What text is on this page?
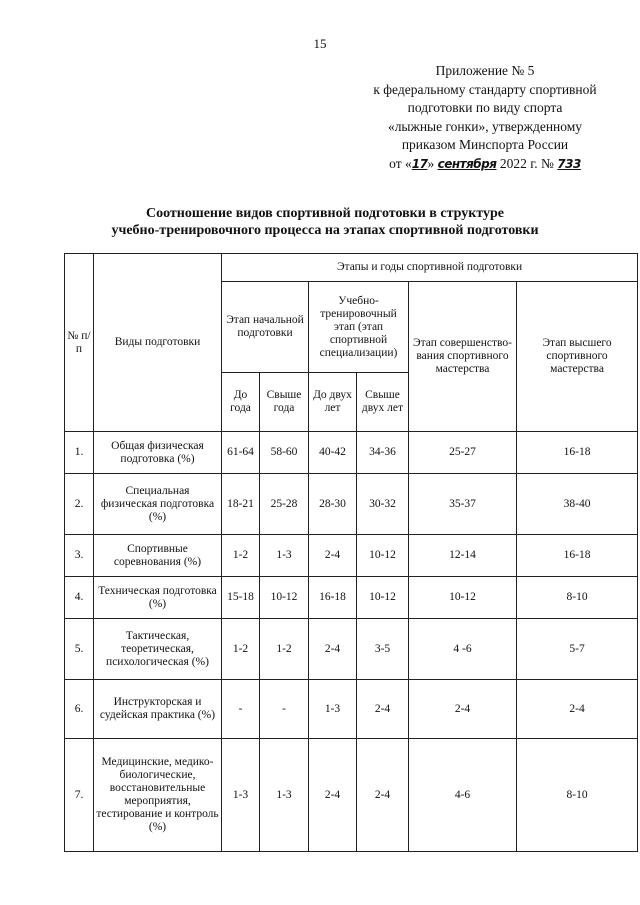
15
Приложение № 5
к федеральному стандарту спортивной
подготовки по виду спорта
«лыжные гонки», утвержденному
приказом Минспорта России
от «17» сентября 2022 г. № 733
Соотношение видов спортивной подготовки в структуре
учебно-тренировочного процесса на этапах спортивной подготовки
№ п/п	Виды подготовки	Этапы и годы спортивной подготовки					
		Этап начальной подготовки		Учебно-тренировочный этап (этап спортивной специализации)		Этап совершенство-вания спортивного мастерства	Этап высшего спортивного мастерства
		До года	Свыше года	До двух лет	Свыше двух лет		
1.	Общая физическая подготовка (%)	61-64	58-60	40-42	34-36	25-27	16-18
2.	Специальная физическая подготовка (%)	18-21	25-28	28-30	30-32	35-37	38-40
3.	Спортивные соревнования (%)	1-2	1-3	2-4	10-12	12-14	16-18
4.	Техническая подготовка (%)	15-18	10-12	16-18	10-12	10-12	8-10
5.	Тактическая, теоретическая, психологическая (%)	1-2	1-2	2-4	3-5	4 -6	5-7
6.	Инструкторская и судейская практика (%)	-	-	1-3	2-4	2-4	2-4
7.	Медицинские, медико-биологические, восстановительные мероприятия, тестирование и контроль (%)	1-3	1-3	2-4	2-4	4-6	8-10
